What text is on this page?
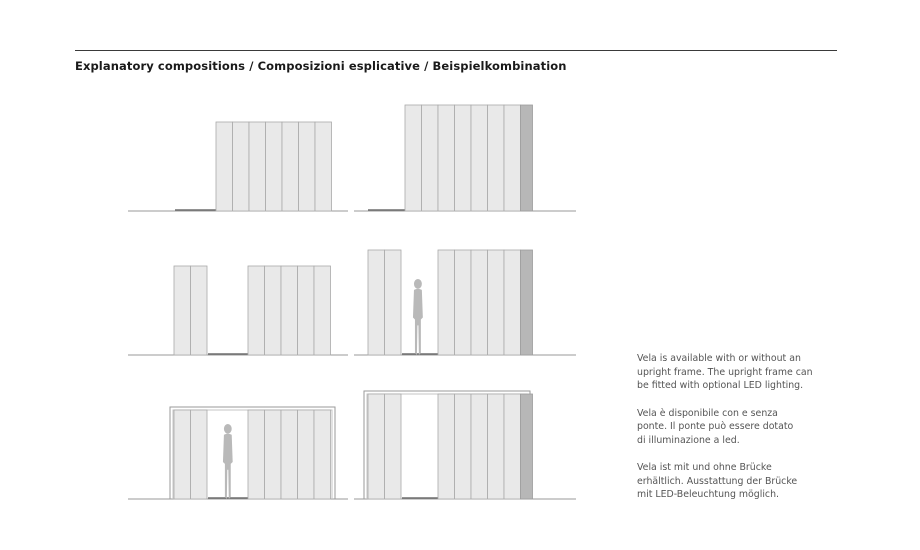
Explanatory compositions / Composizioni esplicative / Beispielkombination

Vela is available with or without an
upright frame. The upright frame can
be fitted with optional LED lighting.

Vela è disponibile con e senza
ponte. Il ponte può essere dotato
di illuminazione a led.

Vela ist mit und ohne Brücke
erhältlich. Ausstattung der Brücke
mit LED-Beleuchtung möglich.
